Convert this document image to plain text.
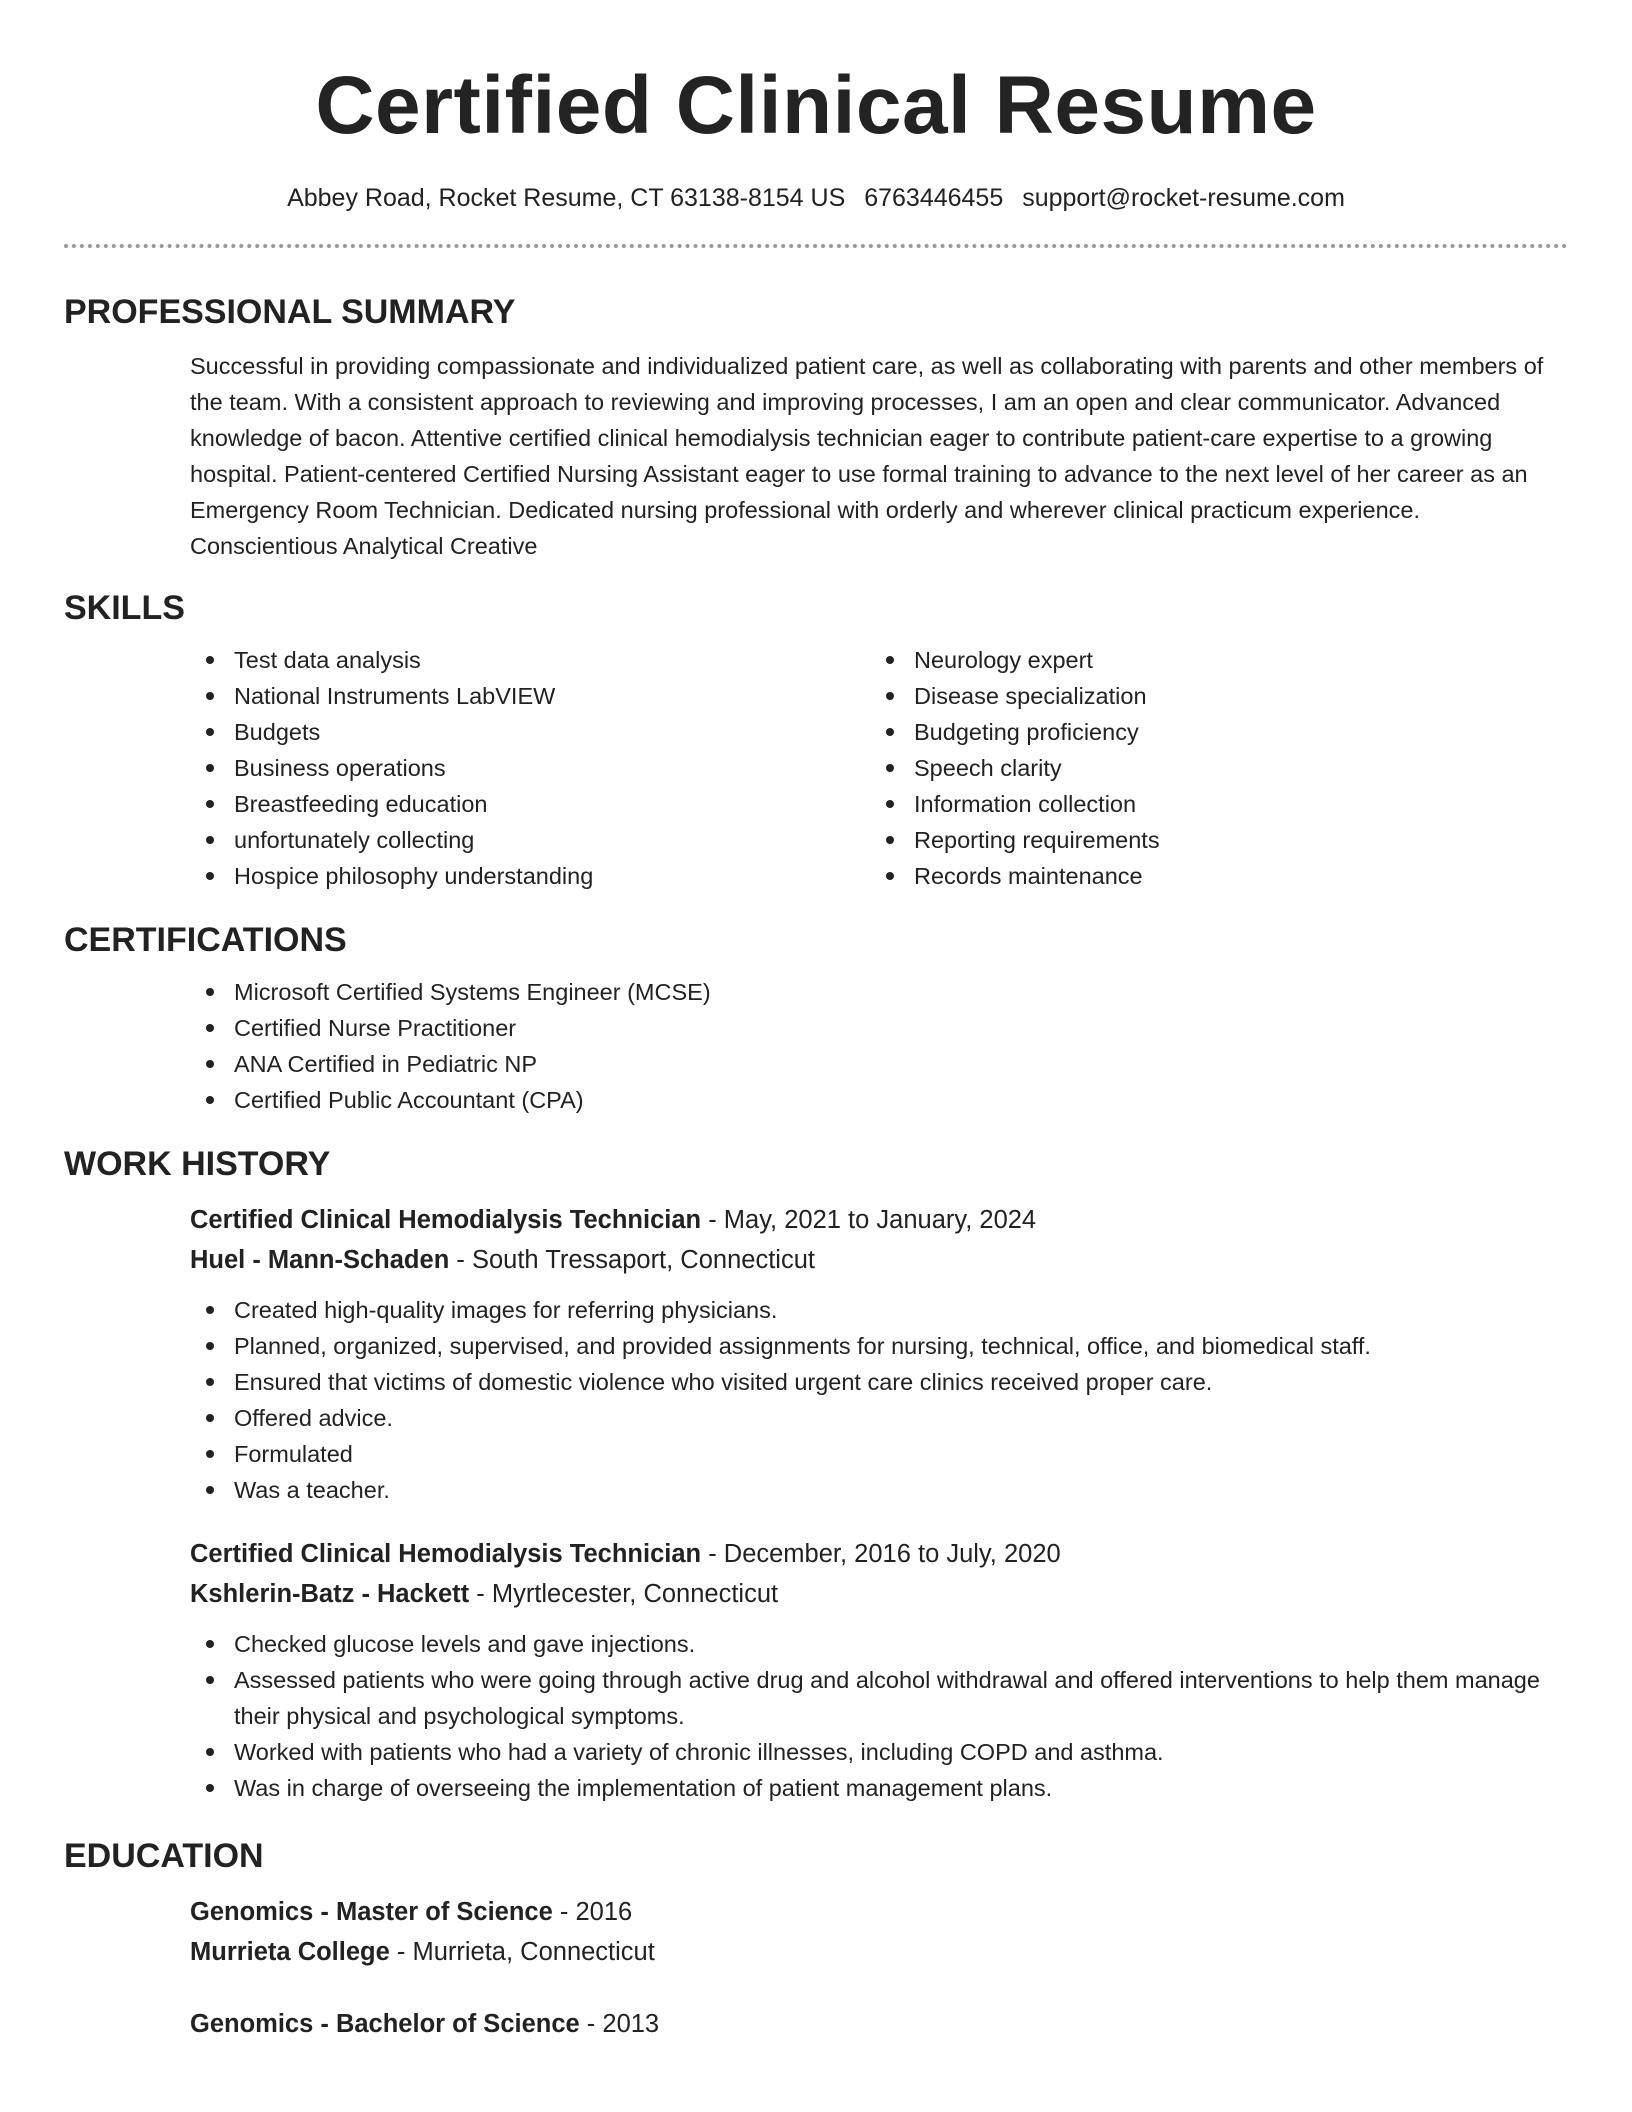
Certified Clinical Resume
Abbey Road, Rocket Resume, CT 63138-8154 US 6763446455 support@rocket-resume.com
PROFESSIONAL SUMMARY

Successful in providing compassionate and individualized patient care, as well as collaborating with parents and other members of the team. With a consistent approach to reviewing and improving processes, I am an open and clear communicator. Advanced knowledge of bacon. Attentive certified clinical hemodialysis technician eager to contribute patient-care expertise to a growing hospital. Patient-centered Certified Nursing Assistant eager to use formal training to advance to the next level of her career as an Emergency Room Technician. Dedicated nursing professional with orderly and wherever clinical practicum experience. Conscientious Analytical Creative

SKILLS
Test data analysis
National Instruments LabVIEW
Budgets
Business operations
Breastfeeding education
unfortunately collecting
Hospice philosophy understanding
Neurology expert
Disease specialization
Budgeting proficiency
Speech clarity
Information collection
Reporting requirements
Records maintenance
CERTIFICATIONS
Microsoft Certified Systems Engineer (MCSE)
Certified Nurse Practitioner
ANA Certified in Pediatric NP
Certified Public Accountant (CPA)
WORK HISTORY
Certified Clinical Hemodialysis Technician - May, 2021 to January, 2024
Huel - Mann-Schaden - South Tressaport, Connecticut
Created high-quality images for referring physicians.
Planned, organized, supervised, and provided assignments for nursing, technical, office, and biomedical staff.
Ensured that victims of domestic violence who visited urgent care clinics received proper care.
Offered advice.
Formulated
Was a teacher.
Certified Clinical Hemodialysis Technician - December, 2016 to July, 2020
Kshlerin-Batz - Hackett - Myrtlecester, Connecticut
Checked glucose levels and gave injections.
Assessed patients who were going through active drug and alcohol withdrawal and offered interventions to help them manage their physical and psychological symptoms.
Worked with patients who had a variety of chronic illnesses, including COPD and asthma.
Was in charge of overseeing the implementation of patient management plans.
EDUCATION
Genomics - Master of Science - 2016
Murrieta College - Murrieta, Connecticut
Genomics - Bachelor of Science - 2013
